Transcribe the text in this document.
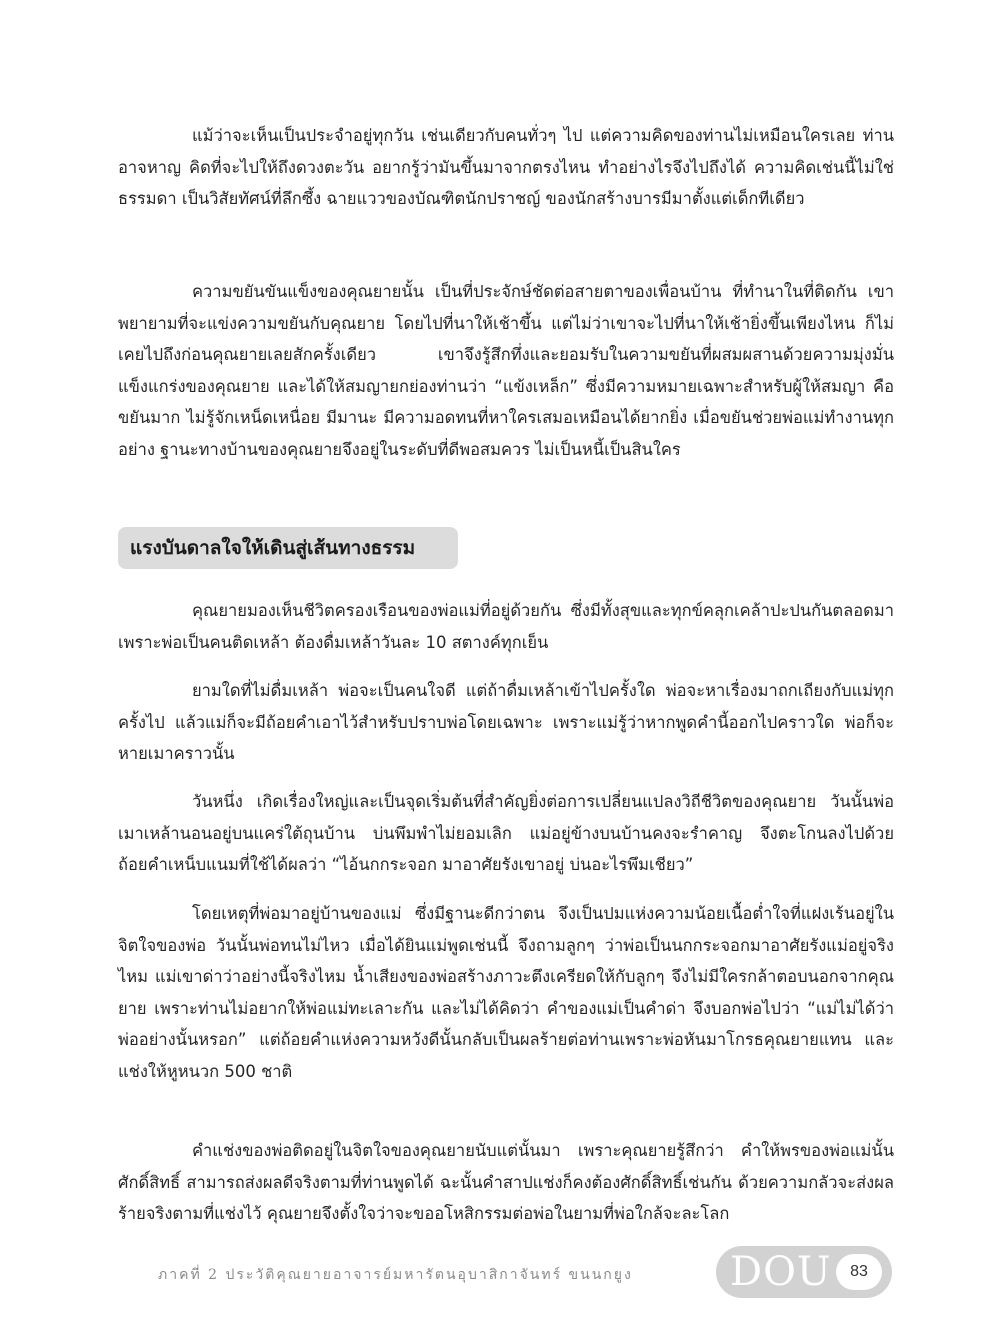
แม้ว่าจะเห็นเป็นประจำอยู่ทุกวัน เช่นเดียวกับคนทั่วๆ ไป แต่ความคิดของท่านไม่เหมือนใครเลย ท่านอาจหาญ คิดที่จะไปให้ถึงดวงตะวัน อยากรู้ว่ามันขึ้นมาจากตรงไหน ทำอย่างไรจึงไปถึงได้ ความคิดเช่นนี้ไม่ใช่ธรรมดา เป็นวิสัยทัศน์ที่ลึกซึ้ง ฉายแววของบัณฑิตนักปราชญ์ ของนักสร้างบารมีมาตั้งแต่เด็กทีเดียว

ความขยันขันแข็งของคุณยายนั้น เป็นที่ประจักษ์ชัดต่อสายตาของเพื่อนบ้าน ที่ทำนาในที่ติดกัน เขาพยายามที่จะแข่งความขยันกับคุณยาย โดยไปที่นาให้เช้าขึ้น แต่ไม่ว่าเขาจะไปที่นาให้เช้ายิ่งขึ้นเพียงไหน ก็ไม่เคยไปถึงก่อนคุณยายเลยสักครั้งเดียว เขาจึงรู้สึกทึ่งและยอมรับในความขยันที่ผสมผสานด้วยความมุ่งมั่นแข็งแกร่งของคุณยาย และได้ให้สมญายกย่องท่านว่า “แข้งเหล็ก” ซึ่งมีความหมายเฉพาะสำหรับผู้ให้สมญา คือ ขยันมาก ไม่รู้จักเหน็ดเหนื่อย มีมานะ มีความอดทนที่หาใครเสมอเหมือนได้ยากยิ่ง เมื่อขยันช่วยพ่อแม่ทำงานทุกอย่าง ฐานะทางบ้านของคุณยายจึงอยู่ในระดับที่ดีพอสมควร ไม่เป็นหนี้เป็นสินใคร

แรงบันดาลใจให้เดินสู่เส้นทางธรรม

คุณยายมองเห็นชีวิตครองเรือนของพ่อแม่ที่อยู่ด้วยกัน ซึ่งมีทั้งสุขและทุกข์คลุกเคล้าปะปนกันตลอดมา เพราะพ่อเป็นคนติดเหล้า ต้องดื่มเหล้าวันละ 10 สตางค์ทุกเย็น

ยามใดที่ไม่ดื่มเหล้า พ่อจะเป็นคนใจดี แต่ถ้าดื่มเหล้าเข้าไปครั้งใด พ่อจะหาเรื่องมาถกเถียงกับแม่ทุกครั้งไป แล้วแม่ก็จะมีถ้อยคำเอาไว้สำหรับปราบพ่อโดยเฉพาะ เพราะแม่รู้ว่าหากพูดคำนี้ออกไปคราวใด พ่อก็จะหายเมาคราวนั้น

วันหนึ่ง เกิดเรื่องใหญ่และเป็นจุดเริ่มต้นที่สำคัญยิ่งต่อการเปลี่ยนแปลงวิถีชีวิตของคุณยาย วันนั้นพ่อเมาเหล้านอนอยู่บนแคร่ใต้ถุนบ้าน บ่นพึมพำไม่ยอมเลิก แม่อยู่ข้างบนบ้านคงจะรำคาญ จึงตะโกนลงไปด้วยถ้อยคำเหน็บแนมที่ใช้ได้ผลว่า “ไอ้นกกระจอก มาอาศัยรังเขาอยู่ บ่นอะไรพึมเชียว”

โดยเหตุที่พ่อมาอยู่บ้านของแม่ ซึ่งมีฐานะดีกว่าตน จึงเป็นปมแห่งความน้อยเนื้อต่ำใจที่แฝงเร้นอยู่ในจิตใจของพ่อ วันนั้นพ่อทนไม่ไหว เมื่อได้ยินแม่พูดเช่นนี้ จึงถามลูกๆ ว่าพ่อเป็นนกกระจอกมาอาศัยรังแม่อยู่จริงไหม แม่เขาด่าว่าอย่างนี้จริงไหม น้ำเสียงของพ่อสร้างภาวะตึงเครียดให้กับลูกๆ จึงไม่มีใครกล้าตอบนอกจากคุณยาย เพราะท่านไม่อยากให้พ่อแม่ทะเลาะกัน และไม่ได้คิดว่า คำของแม่เป็นคำด่า จึงบอกพ่อไปว่า “แม่ไม่ได้ว่าพ่ออย่างนั้นหรอก” แต่ถ้อยคำแห่งความหวังดีนั้นกลับเป็นผลร้ายต่อท่านเพราะพ่อหันมาโกรธคุณยายแทน และแช่งให้หูหนวก 500 ชาติ

คำแช่งของพ่อติดอยู่ในจิตใจของคุณยายนับแต่นั้นมา เพราะคุณยายรู้สึกว่า คำให้พรของพ่อแม่นั้นศักดิ์สิทธิ์ สามารถส่งผลดีจริงตามที่ท่านพูดได้ ฉะนั้นคำสาปแช่งก็คงต้องศักดิ์สิทธิ์เช่นกัน ด้วยความกลัวจะส่งผลร้ายจริงตามที่แช่งไว้ คุณยายจึงตั้งใจว่าจะขออโหสิกรรมต่อพ่อในยามที่พ่อใกล้จะละโลก

ภาคที่ 2 ประวัติคุณยายอาจารย์มหารัตนอุบาสิกาจันทร์ ขนนกยูง	DOU	83
